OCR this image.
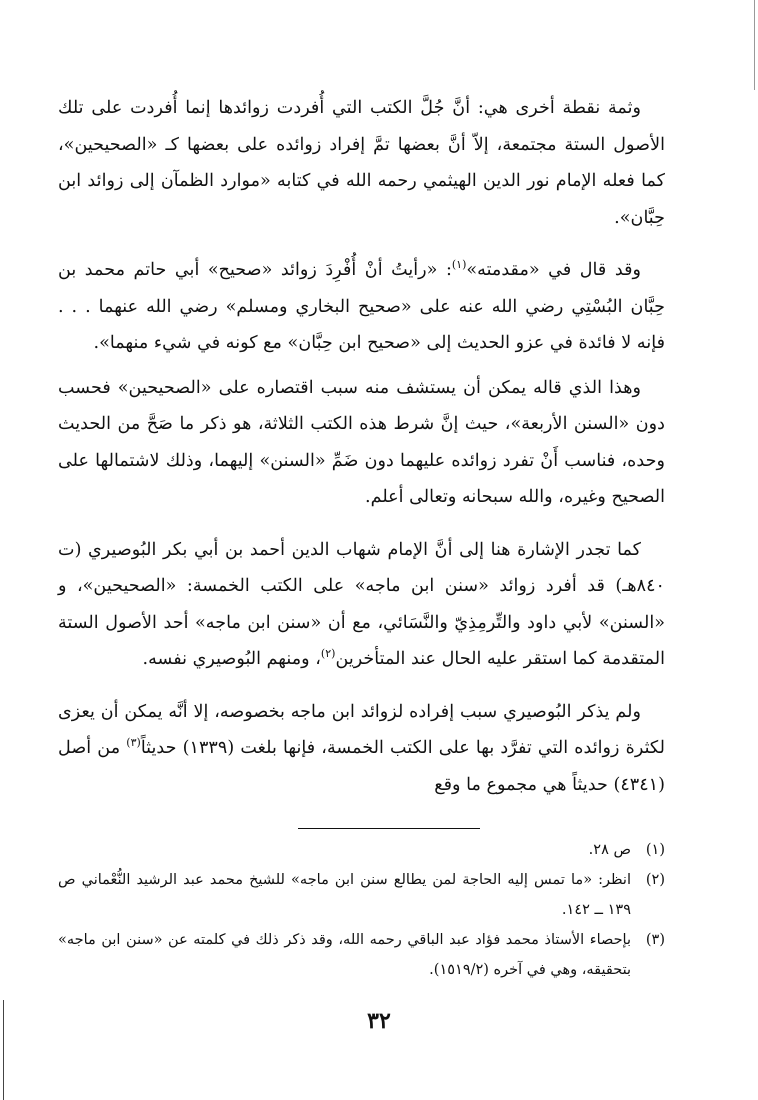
وثمة نقطة أخرى هي: أنَّ جُلَّ الكتب التي أُفردت زوائدها إنما أُفردت على تلك الأصول الستة مجتمعة، إلاّ أنَّ بعضها تمَّ إفراد زوائده على بعضها كـ «الصحيحين»، كما فعله الإمام نور الدين الهيثمي رحمه الله في كتابه «موارد الظمآن إلى زوائد ابن حِبَّان».

وقد قال في «مقدمته»$^{(١)}$: «رأيتُ أنْ أُفْرِدَ زوائد «صحيح» أبي حاتم محمد بن حِبَّان البُسْتِي رضي الله عنه على «صحيح البخاري ومسلم» رضي الله عنهما . . . فإنه لا فائدة في عزو الحديث إلى «صحيح ابن حِبَّان» مع كونه في شيء منهما».

وهذا الذي قاله يمكن أن يستشف منه سبب اقتصاره على «الصحيحين» فحسب دون «السنن الأربعة»، حيث إنَّ شرط هذه الكتب الثلاثة، هو ذكر ما صَحَّ من الحديث وحده، فناسب أَنْ تفرد زوائده عليهما دون ضَمِّ «السنن» إليهما، وذلك لاشتمالها على الصحيح وغيره، والله سبحانه وتعالى أعلم.

كما تجدر الإشارة هنا إلى أنَّ الإمام شهاب الدين أحمد بن أبي بكر البُوصيري (ت ٨٤٠هـ) قد أفرد زوائد «سنن ابن ماجه» على الكتب الخمسة: «الصحيحين»، و «السنن» لأبي داود والتِّرمِذِيّ والنَّسَائي، مع أن «سنن ابن ماجه» أحد الأصول الستة المتقدمة كما استقر عليه الحال عند المتأخرين$^{(٢)}$، ومنهم البُوصيري نفسه.

ولم يذكر البُوصيري سبب إفراده لزوائد ابن ماجه بخصوصه، إلا أنَّه يمكن أن يعزى لكثرة زوائده التي تفرَّد بها على الكتب الخمسة، فإنها بلغت (١٣٣٩) حديثاً$^{(٣)}$ من أصل (٤٣٤١) حديثاً هي مجموع ما وقع

(١)
ص ٢٨.
(٢)
انظر: «ما تمس إليه الحاجة لمن يطالع سنن ابن ماجه» للشيخ محمد عبد الرشيد النُّعْماني ص ١٣٩ ــ ١٤٢.
(٣)
بإحصاء الأستاذ محمد فؤاد عبد الباقي رحمه الله، وقد ذكر ذلك في كلمته عن «سنن ابن ماجه» بتحقيقه، وهي في آخره (١٥١٩/٢).
٣٢
